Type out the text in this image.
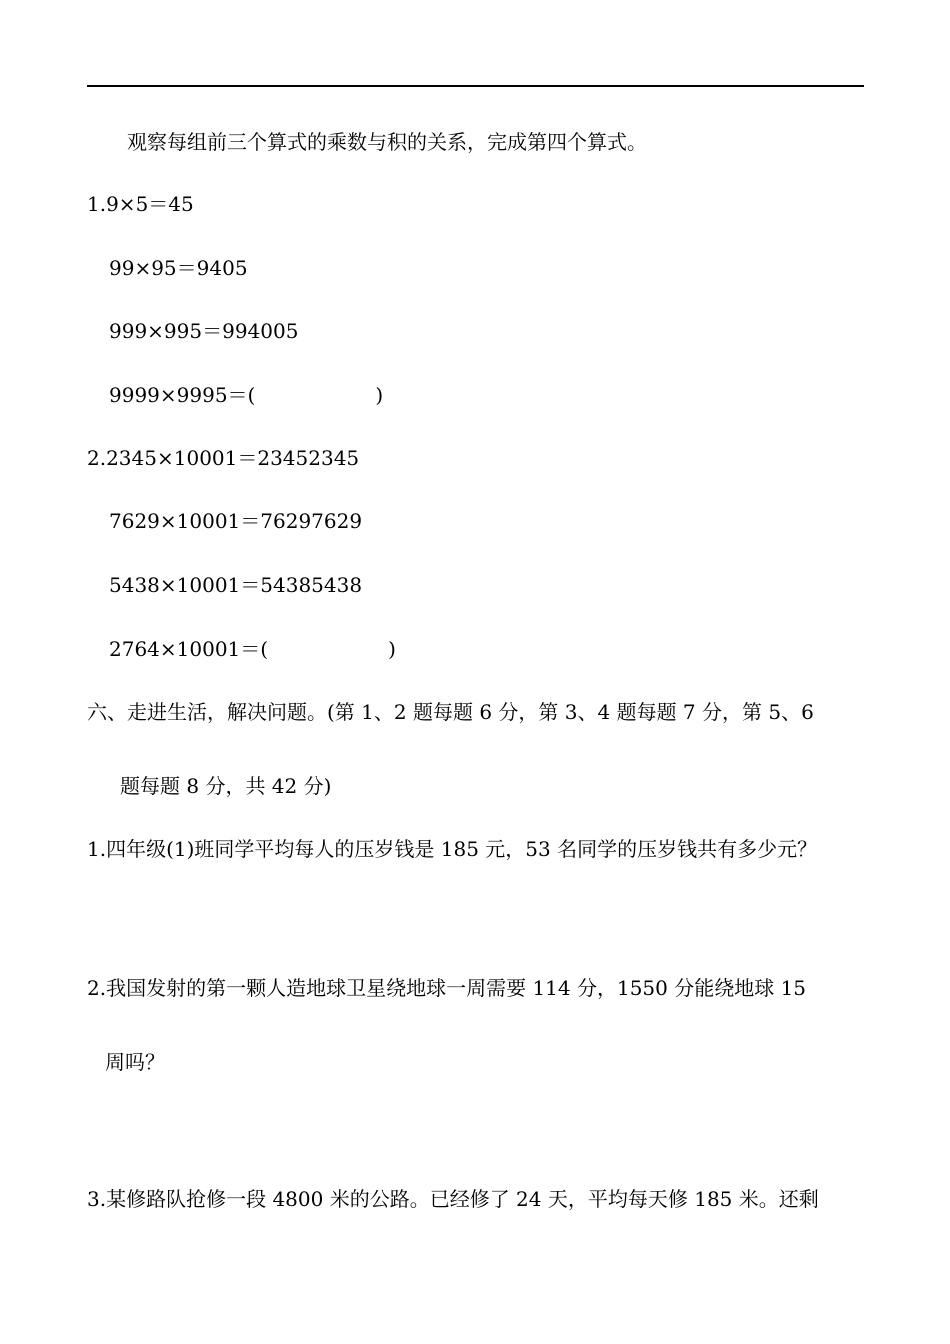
观察每组前三个算式的乘数与积的关系，完成第四个算式。
1.9×5＝45
99×95＝9405
999×995＝994005
9999×9995＝(	)
2.2345×10001＝23452345
7629×10001＝76297629
5438×10001＝54385438
2764×10001＝(	)
六、走进生活，解决问题。(第 1、2 题每题 6 分，第 3、4 题每题 7 分，第 5、6
题每题 8 分，共 42 分)
1.四年级(1)班同学平均每人的压岁钱是 185 元，53 名同学的压岁钱共有多少元？
2.我国发射的第一颗人造地球卫星绕地球一周需要 114 分，1550 分能绕地球 15
周吗？
3.某修路队抢修一段 4800 米的公路。已经修了 24 天，平均每天修 185 米。还剩
